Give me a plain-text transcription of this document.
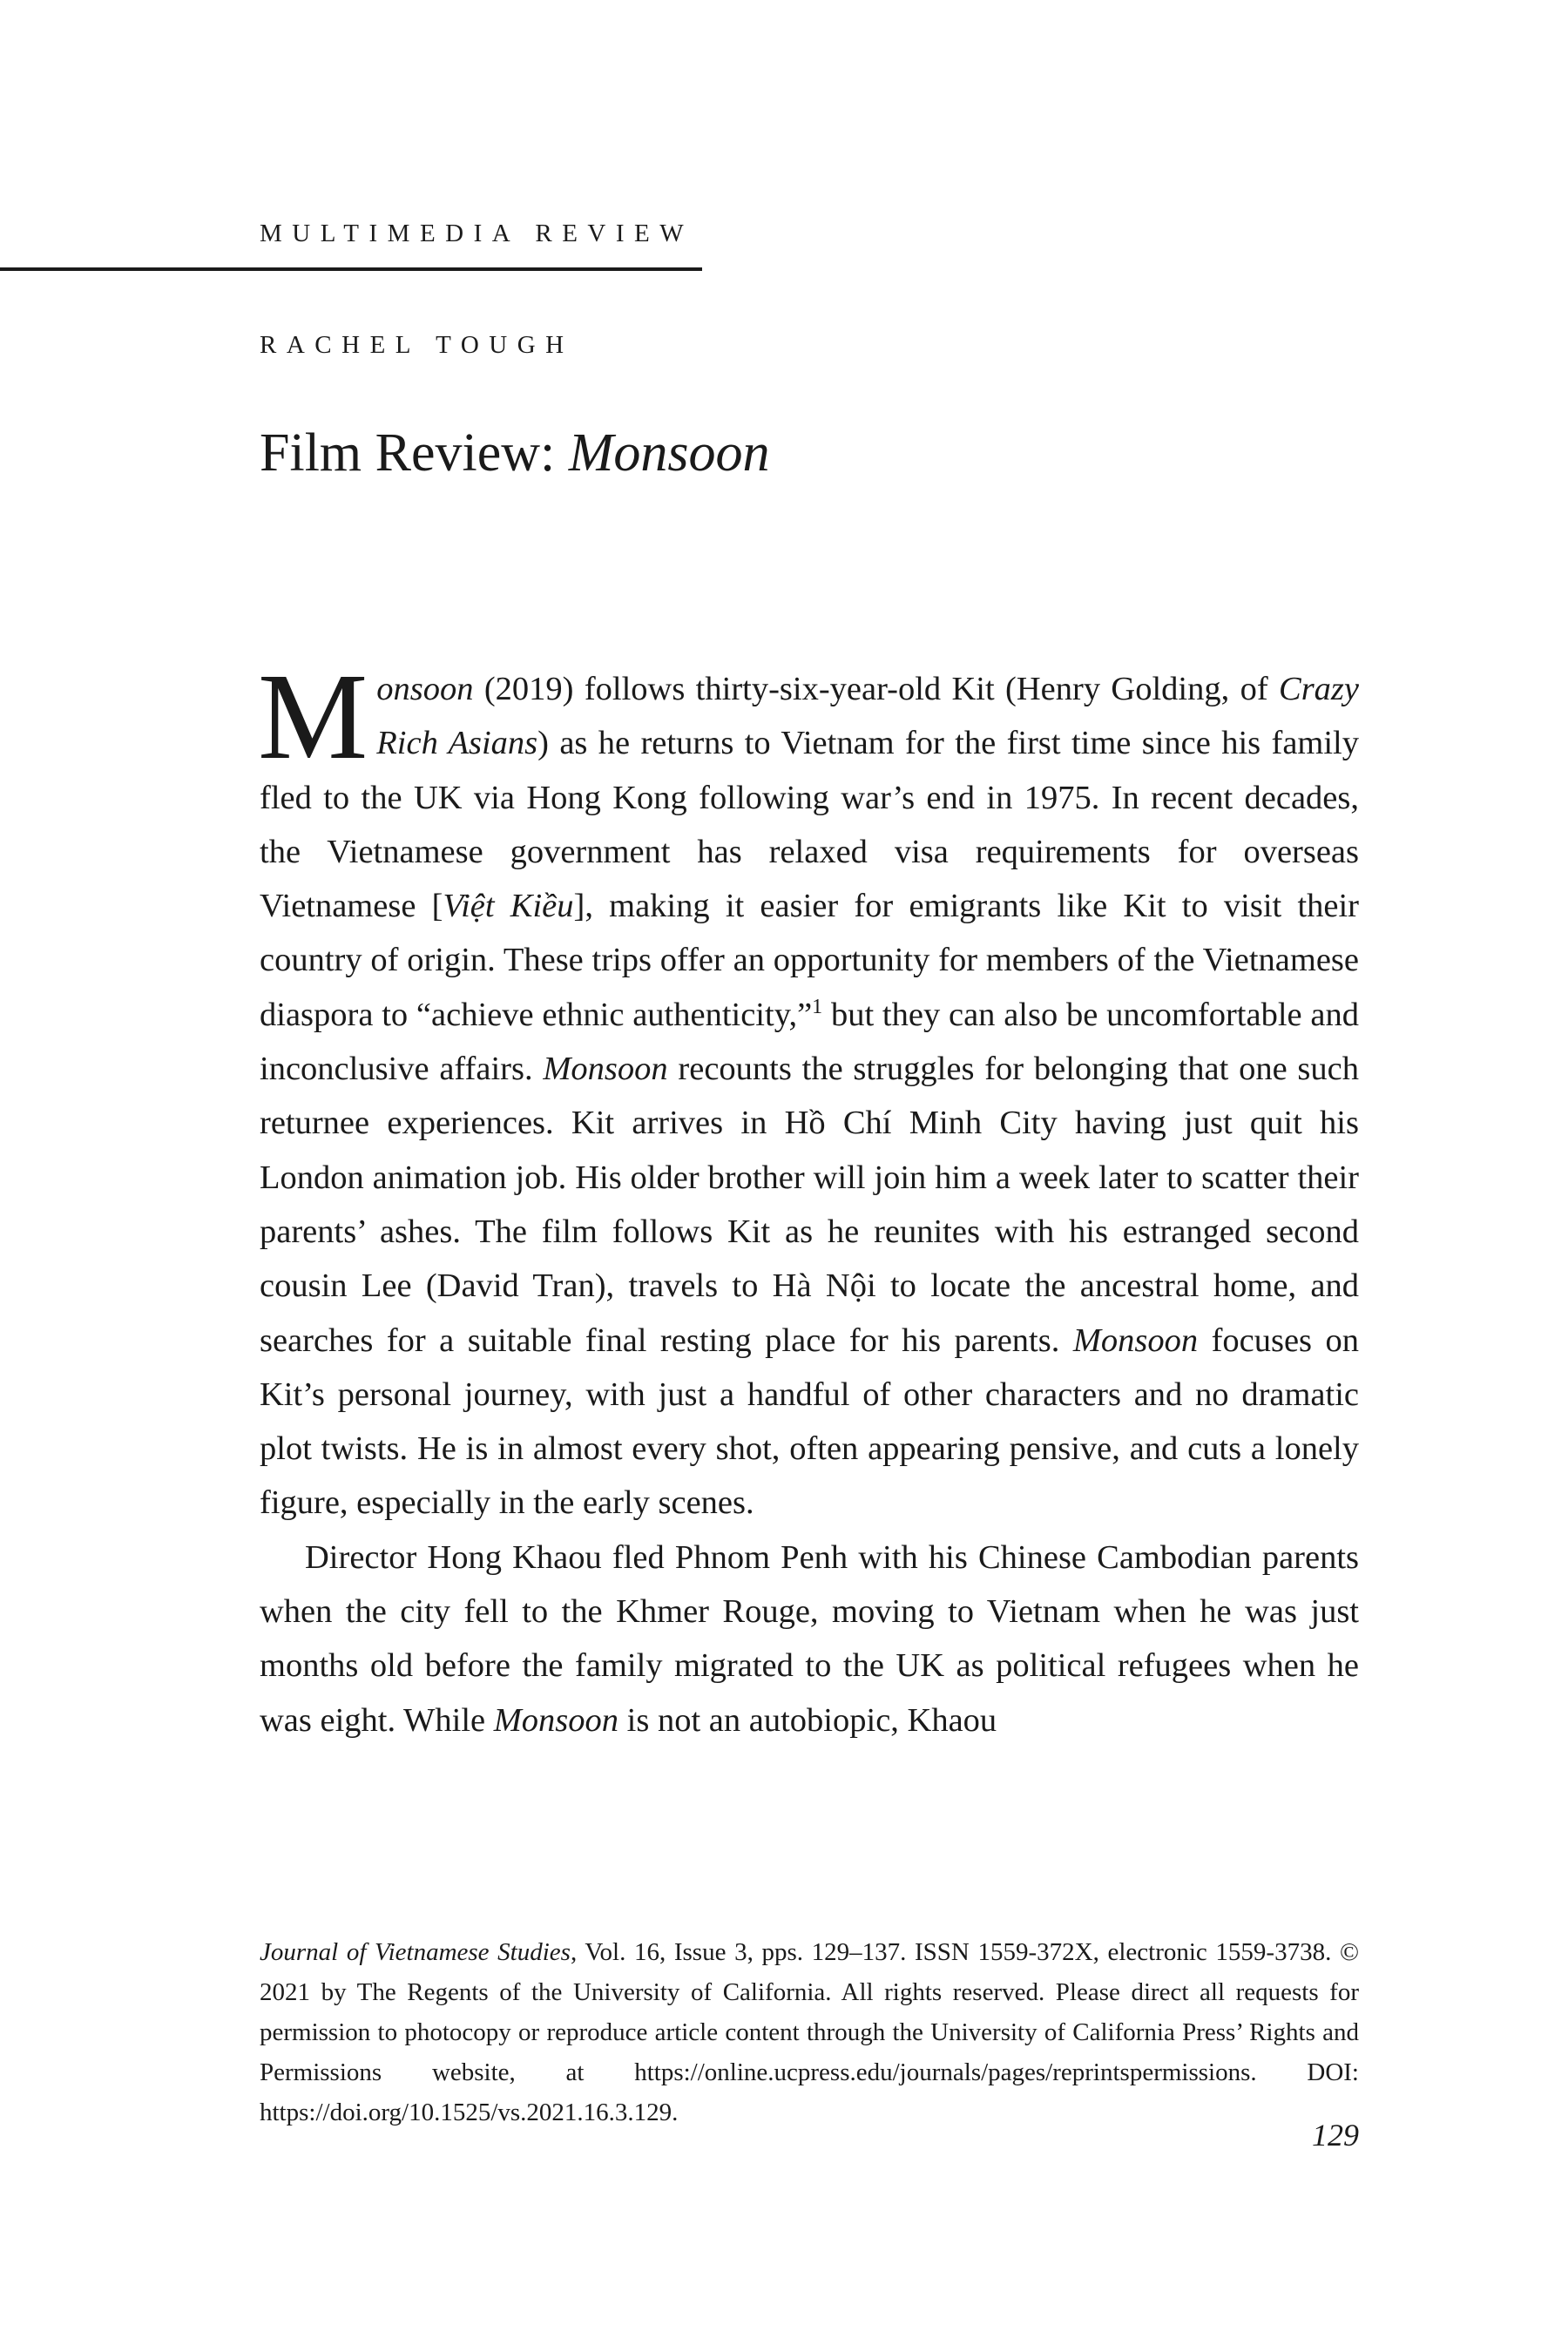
MULTIMEDIA REVIEW
RACHEL TOUGH
Film Review: Monsoon

Monsoon (2019) follows thirty-six-year-old Kit (Henry Golding, of Crazy Rich Asians) as he returns to Vietnam for the first time since his family fled to the UK via Hong Kong following war’s end in 1975. In recent decades, the Vietnamese government has relaxed visa requirements for overseas Vietnamese [Việt Kiều], making it easier for emigrants like Kit to visit their country of origin. These trips offer an opportunity for members of the Vietnamese diaspora to “achieve ethnic authenticity,”$^1$ but they can also be uncomfortable and inconclusive affairs. Monsoon recounts the struggles for belonging that one such returnee experiences. Kit arrives in Hồ Chí Minh City having just quit his London animation job. His older brother will join him a week later to scatter their parents’ ashes. The film follows Kit as he reunites with his estranged second cousin Lee (David Tran), travels to Hà Nội to locate the ancestral home, and searches for a suitable final resting place for his parents. Monsoon focuses on Kit’s personal journey, with just a handful of other characters and no dramatic plot twists. He is in almost every shot, often appearing pensive, and cuts a lonely figure, especially in the early scenes.

Director Hong Khaou fled Phnom Penh with his Chinese Cambodian parents when the city fell to the Khmer Rouge, moving to Vietnam when he was just months old before the family migrated to the UK as political refugees when he was eight. While Monsoon is not an autobiopic, Khaou

Journal of Vietnamese Studies, Vol. 16, Issue 3, pps. 129–137. ISSN 1559-372X, electronic 1559-3738. © 2021 by The Regents of the University of California. All rights reserved. Please direct all requests for permission to photocopy or reproduce article content through the University of California Press’ Rights and Permissions website, at https://online.ucpress.edu/journals/pages/reprintspermissions. DOI: https://doi.org/10.1525/vs.2021.16.3.129.

129
